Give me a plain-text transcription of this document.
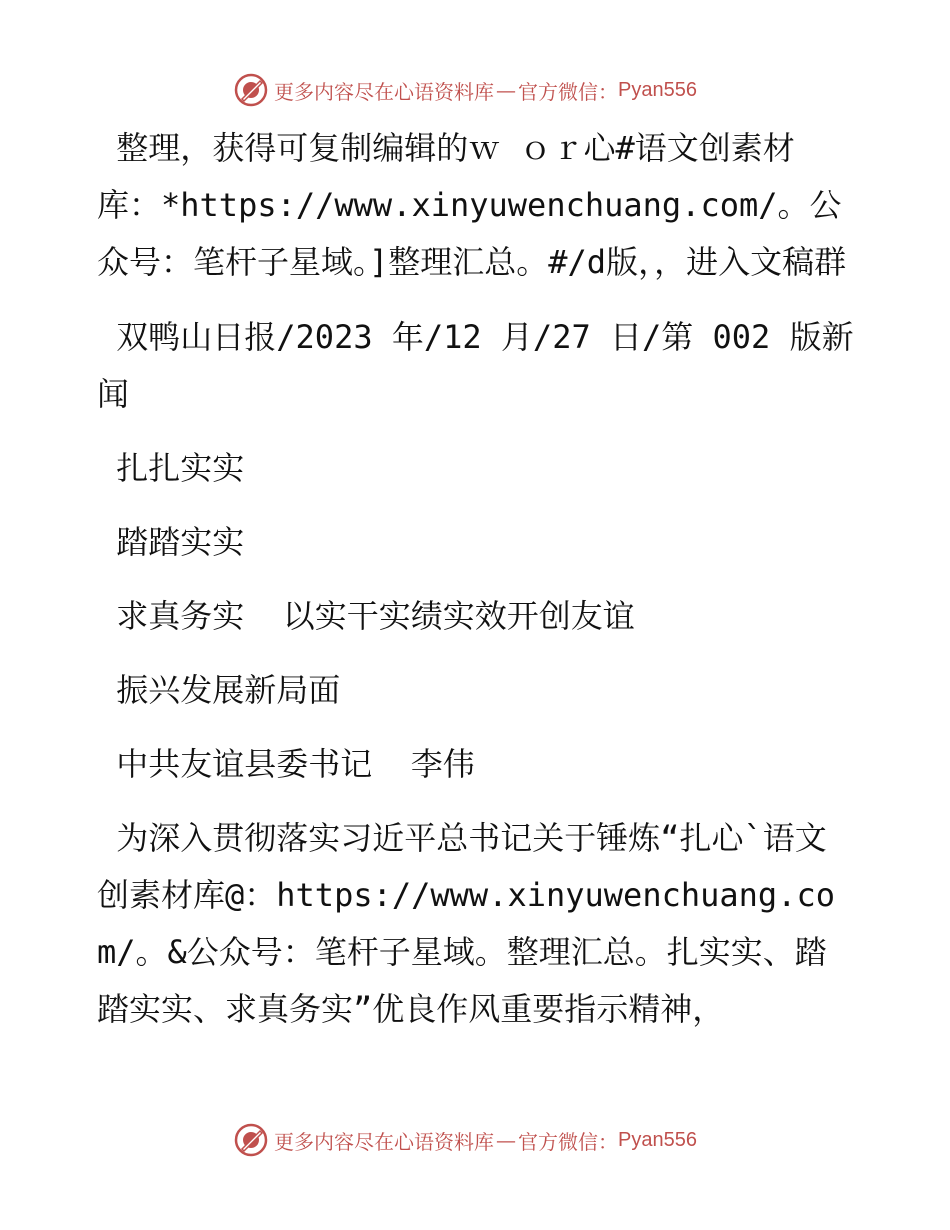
更多内容尽在心语资料库 — 官方微信： Pyan556

整理，获得可复制编辑的ｗ ｏｒ心#语文创素材库：*https://www.xinyuwenchuang.com/。公众号：笔杆子星域。]整理汇总。#/d版，，进入文稿群

双鸭山日报/2023 年/12 月/27 日/第 002 版新闻

扎扎实实

踏踏实实

求真务实  以实干实绩实效开创友谊

振兴发展新局面

中共友谊县委书记  李伟

为深入贯彻落实习近平总书记关于锤炼“扎心`语文创素材库@：https://www.xinyuwenchuang.com/。&公众号：笔杆子星域。整理汇总。扎实实、踏踏实实、求真务实”优良作风重要指示精神，

更多内容尽在心语资料库 — 官方微信： Pyan556
